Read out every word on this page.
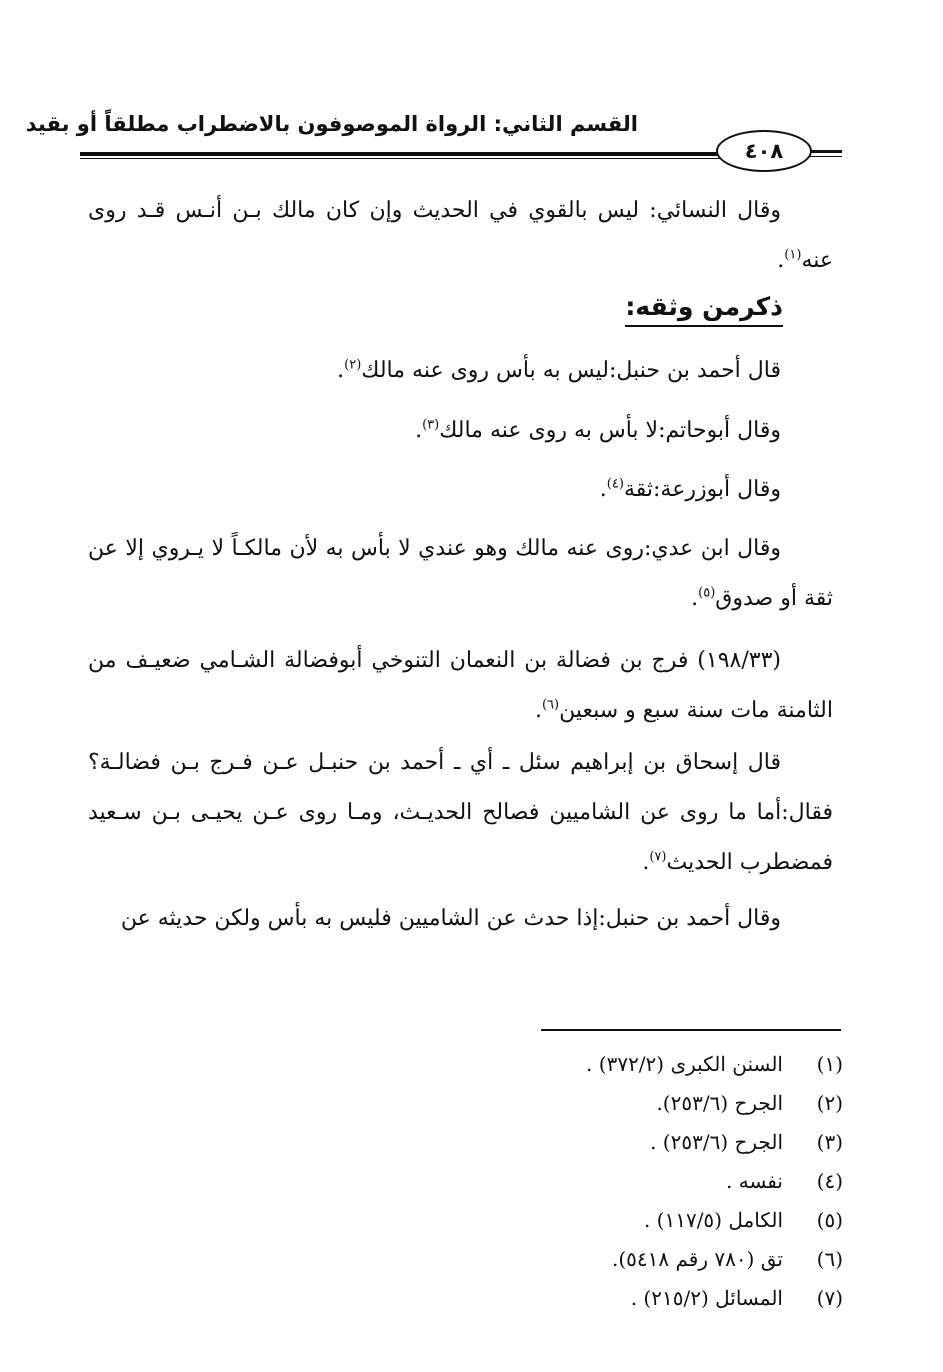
القسم الثاني: الرواة الموصوفون بالاضطراب مطلقاً أو بقيد
٤٠٨

وقال النسائي: ليس بالقوي في الحديث وإن كان مالك بـن أنـس قـد روى عنه$^{(١)}$.

ذكرمن وثقه:

قال أحمد بن حنبل:ليس به بأس روى عنه مالك$^{(٢)}$.

وقال أبوحاتم:لا بأس به روى عنه مالك$^{(٣)}$.

وقال أبوزرعة:ثقة$^{(٤)}$.

وقال ابن عدي:روى عنه مالك وهو عندي لا بأس به لأن مالكـاً لا يـروي إلا عن ثقة أو صدوق$^{(٥)}$.

(١٩٨/٣٣) فرج بن فضالة بن النعمان التنوخي أبوفضالة الشـامي ضعيـف من الثامنة مات سنة سبع و سبعين$^{(٦)}$.

قال إسحاق بن إبراهيم سئل ـ أي ـ أحمد بن حنبـل عـن فـرج بـن فضالـة؟ فقال:أما ما روى عن الشاميين فصالح الحديـث، ومـا روى عـن يحيـى بـن سـعيد فمضطرب الحديث$^{(٧)}$.

وقال أحمد بن حنبل:إذا حدث عن الشاميين فليس به بأس ولكن حديثه عن

(١)
السنن الكبرى (٣٧٢/٢) .
(٢)
الجرح (٢٥٣/٦).
(٣)
الجرح (٢٥٣/٦) .
(٤)
نفسه .
(٥)
الكامل (١١٧/٥) .
(٦)
تق (٧٨٠ رقم ٥٤١٨).
(٧)
المسائل (٢١٥/٢) .
